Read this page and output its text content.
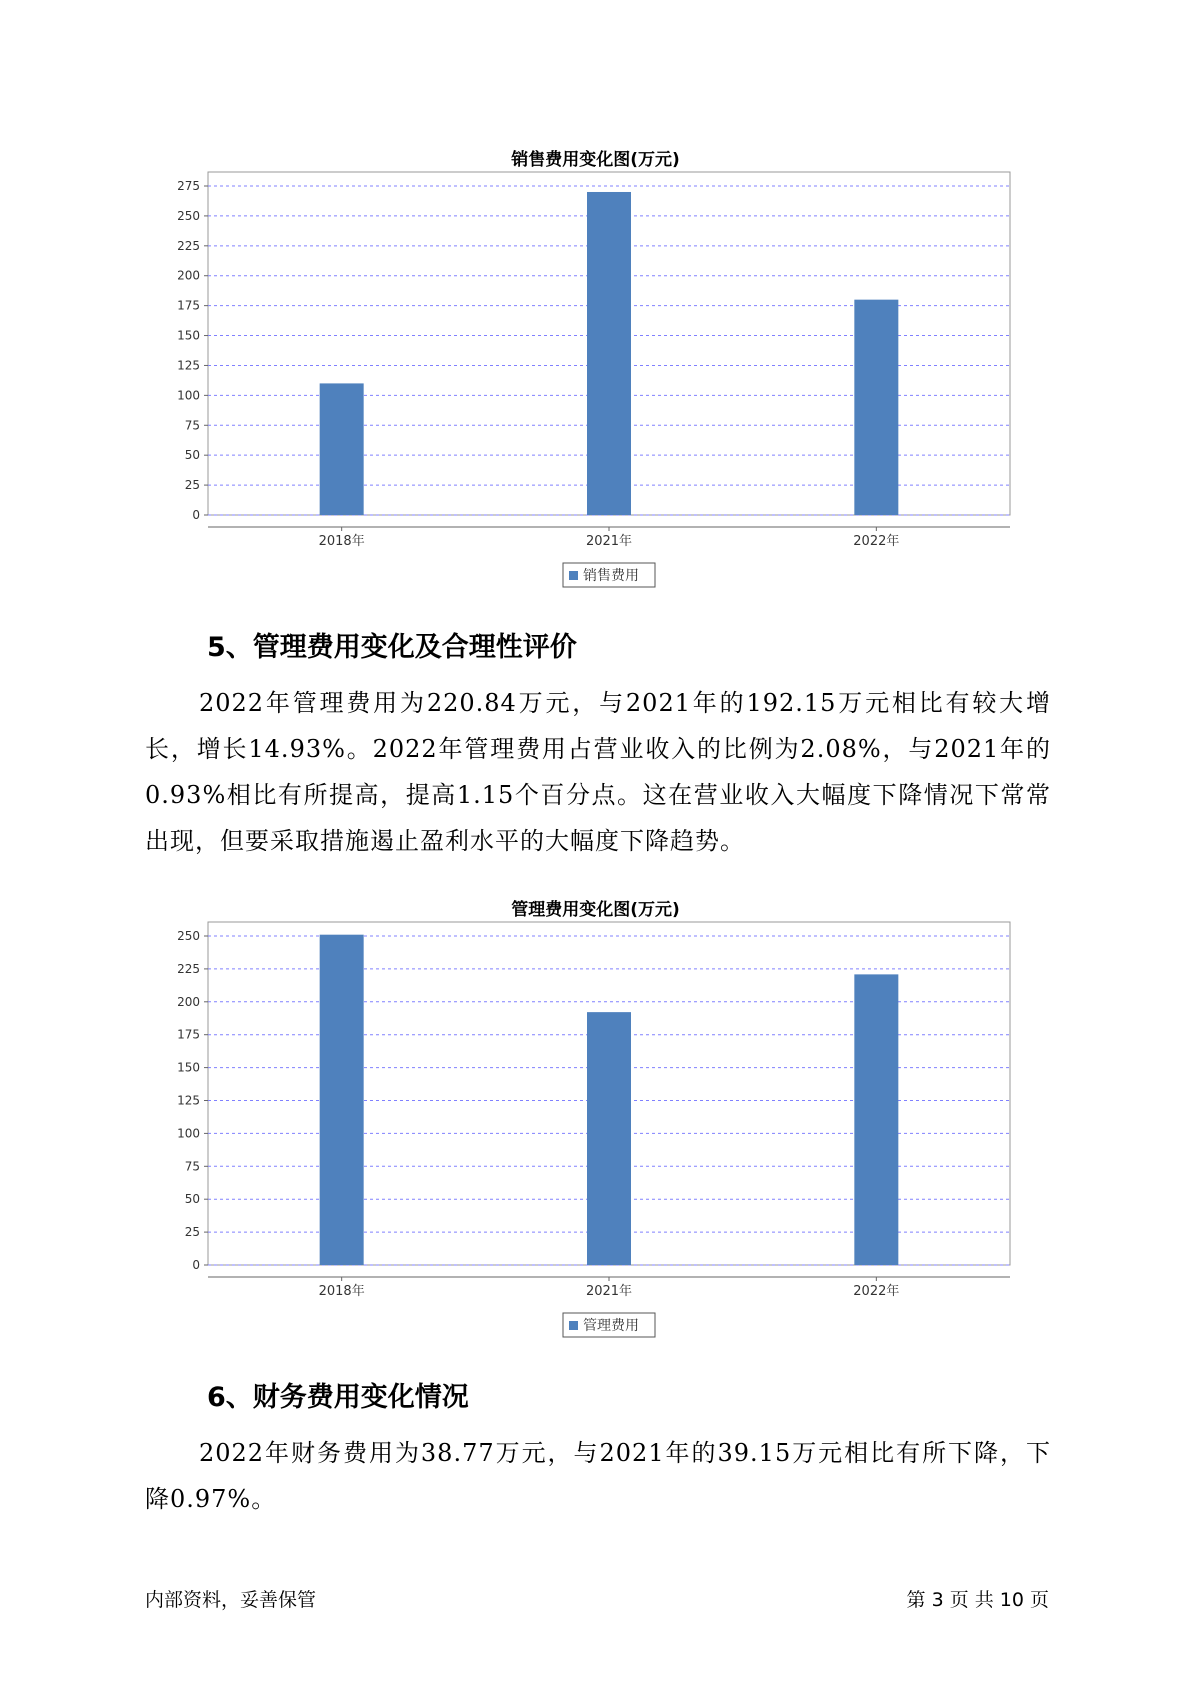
销售费用变化图(万元)
0
25
50
75
100
125
150
175
200
225
250
275
2018年	2021年	2022年
销售费用
5、管理费用变化及合理性评价

2022年管理费用为220.84万元，与2021年的192.15万元相比有较大增长，增长14.93%。2022年管理费用占营业收入的比例为2.08%，与2021年的0.93%相比有所提高，提高1.15个百分点。这在营业收入大幅度下降情况下常常出现，但要采取措施遏止盈利水平的大幅度下降趋势。

管理费用变化图(万元)
0
25
50
75
100
125
150
175
200
225
250
2018年	2021年	2022年
管理费用
6、财务费用变化情况

2022年财务费用为38.77万元，与2021年的39.15万元相比有所下降，下降0.97%。

内部资料，妥善保管	第 3 页 共 10 页
